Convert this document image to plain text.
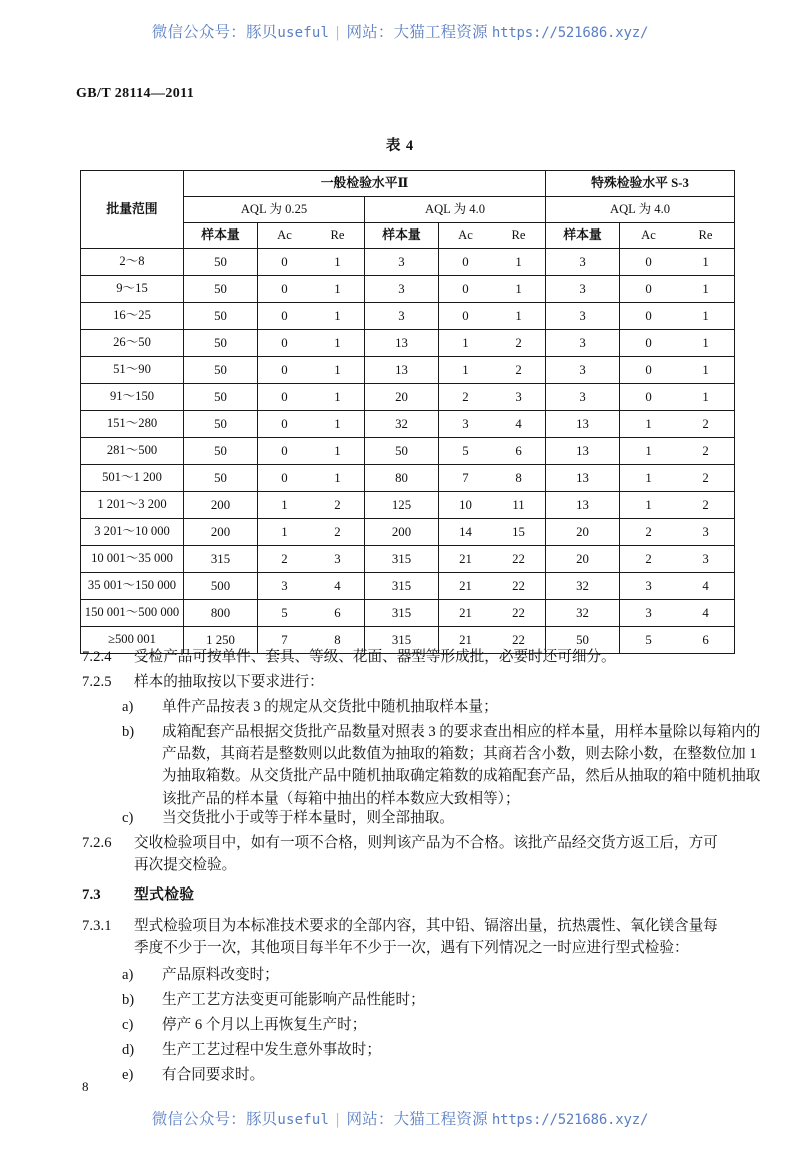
微信公众号：豚贝useful | 网站：大猫工程资源 https://521686.xyz/
GB/T 28114—2011
表 4
批量范围	一般检验水平Ⅱ				特殊检验水平 S-3	
	AQL 为 0.25		AQL 为 4.0		AQL 为 4.0	
	样本量	Ac Re	样本量	Ac Re	样本量	Ac Re

2～8	50	0 1	3	0 1	3	0 1

9～15	50	0 1	3	0 1	3	0 1

16～25	50	0 1	3	0 1	3	0 1

26～50	50	0 1	13	1 2	3	0 1

51～90	50	0 1	13	1 2	3	0 1

91～150	50	0 1	20	2 3	3	0 1

151～280	50	0 1	32	3 4	13	1 2

281～500	50	0 1	50	5 6	13	1 2

501～1 200	50	0 1	80	7 8	13	1 2

1 201～3 200	200	1 2	125	10 11	13	1 2

3 201～10 000	200	1 2	200	14 15	20	2 3

10 001～35 000	315	2 3	315	21 22	20	2 3

35 001～150 000	500	3 4	315	21 22	32	3 4

150 001～500 000	800	5 6	315	21 22	32	3 4

≥500 001	1 250	7 8	315	21 22	50	5 6
7.2.4	受检产品可按单件、套具、等级、花面、器型等形成批，必要时还可细分。
7.2.5	样本的抽取按以下要求进行：
a)	单件产品按表 3 的规定从交货批中随机抽取样本量；
b)	成箱配套产品根据交货批产品数量对照表 3 的要求查出相应的样本量，用样本量除以每箱内的产品数，其商若是整数则以此数值为抽取的箱数；其商若含小数，则去除小数，在整数位加 1 为抽取箱数。从交货批产品中随机抽取确定箱数的成箱配套产品，然后从抽取的箱中随机抽取该批产品的样本量（每箱中抽出的样本数应大致相等）；
c)	当交货批小于或等于样本量时，则全部抽取。
7.2.6	交收检验项目中，如有一项不合格，则判该产品为不合格。该批产品经交货方返工后，方可再次提交检验。
7.3	型式检验
7.3.1	型式检验项目为本标准技术要求的全部内容，其中铅、镉溶出量，抗热震性、氧化镁含量每季度不少于一次，其他项目每半年不少于一次，遇有下列情况之一时应进行型式检验：
a)	产品原料改变时；
b)	生产工艺方法变更可能影响产品性能时；
c)	停产 6 个月以上再恢复生产时；
d)	生产工艺过程中发生意外事故时；
e)	有合同要求时。
8
微信公众号：豚贝useful | 网站：大猫工程资源 https://521686.xyz/
